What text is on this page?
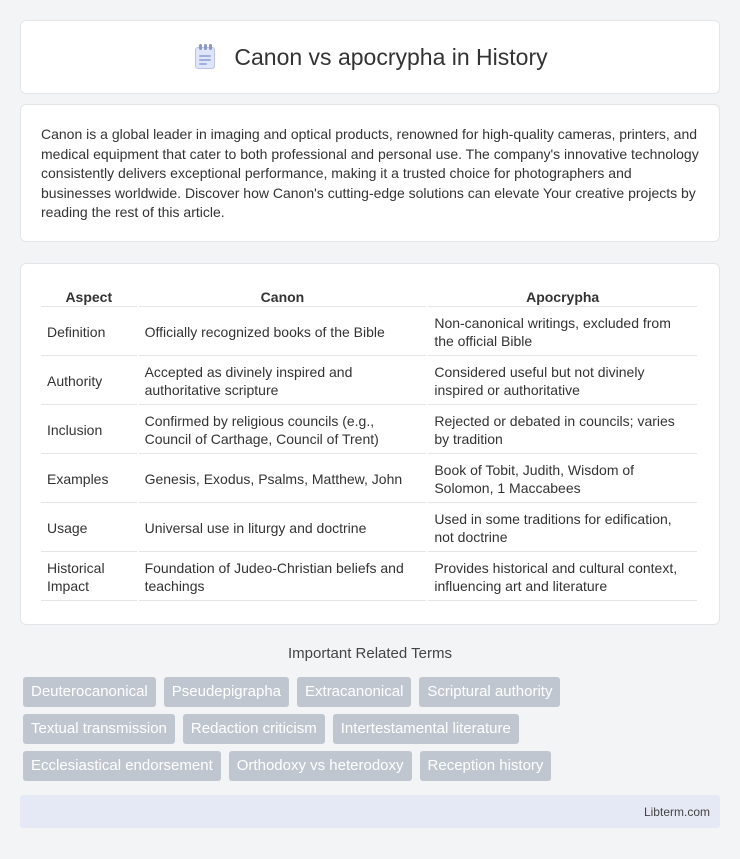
Canon vs apocrypha in History

Canon is a global leader in imaging and optical products, renowned for high-quality cameras, printers, and medical equipment that cater to both professional and personal use. The company's innovative technology consistently delivers exceptional performance, making it a trusted choice for photographers and businesses worldwide. Discover how Canon's cutting-edge solutions can elevate Your creative projects by reading the rest of this article.

Aspect	Canon	Apocrypha
Definition	Officially recognized books of the Bible	Non-canonical writings, excluded from the official Bible
Authority	Accepted as divinely inspired and authoritative scripture	Considered useful but not divinely inspired or authoritative
Inclusion	Confirmed by religious councils (e.g., Council of Carthage, Council of Trent)	Rejected or debated in councils; varies by tradition
Examples	Genesis, Exodus, Psalms, Matthew, John	Book of Tobit, Judith, Wisdom of Solomon, 1 Maccabees
Usage	Universal use in liturgy and doctrine	Used in some traditions for edification, not doctrine
Historical Impact	Foundation of Judeo-Christian beliefs and teachings	Provides historical and cultural context, influencing art and literature
Important Related Terms
Deuterocanonical	Pseudepigrapha	Extracanonical	Scriptural authority
Textual transmission	Redaction criticism	Intertestamental literature
Ecclesiastical endorsement	Orthodoxy vs heterodoxy	Reception history
Libterm.com
